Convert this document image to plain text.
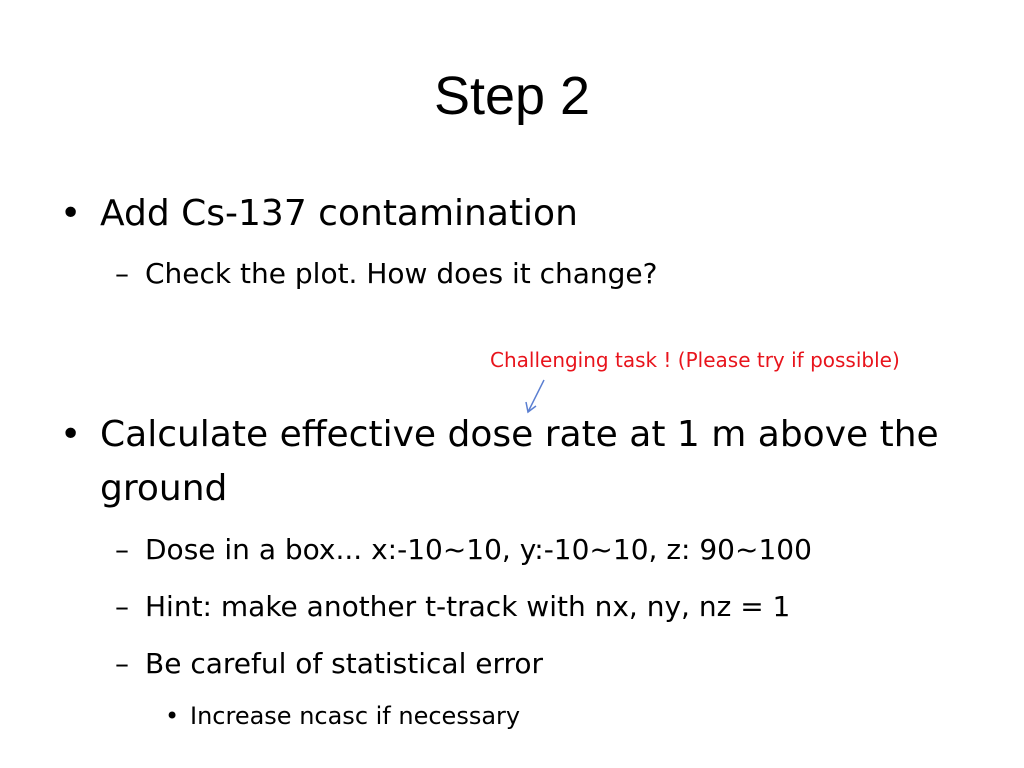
Step 2
• Add Cs-137 contamination
– Check the plot. How does it change?
Challenging task ! (Please try if possible)
• Calculate effective dose rate at 1 m above the ground
– Dose in a box... x:-10~10, y:-10~10, z: 90~100
– Hint: make another t-track with nx, ny, nz = 1
– Be careful of statistical error
• Increase ncasc if necessary
